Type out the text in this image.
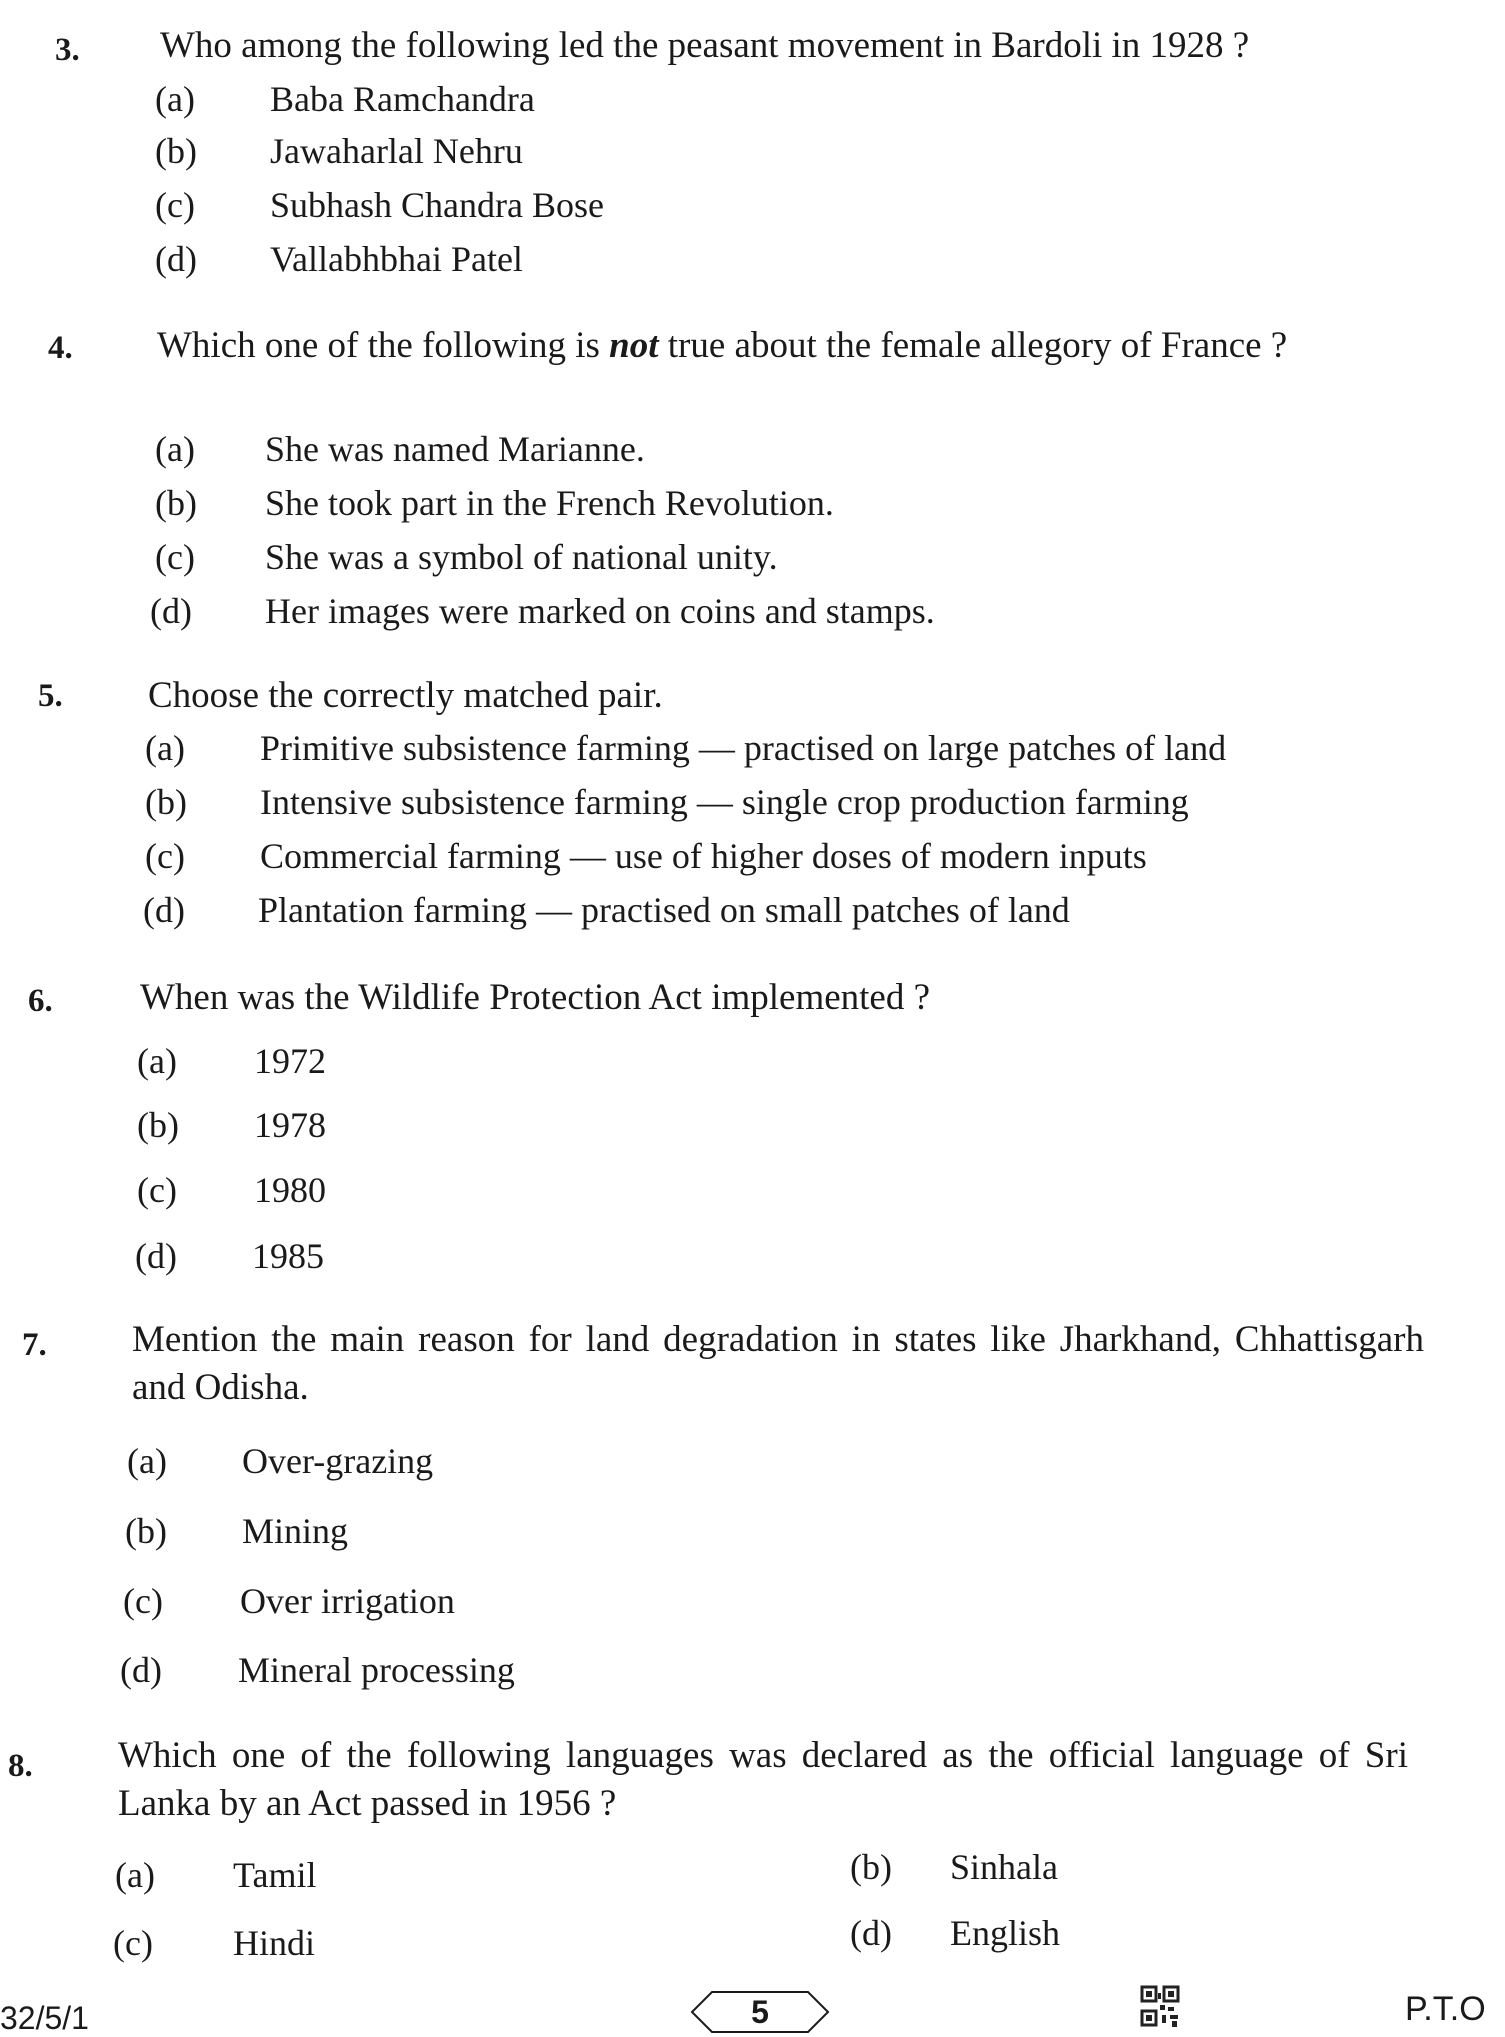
3. Who among the following led the peasant movement in Bardoli in 1928 ?
(a) Baba Ramchandra
(b) Jawaharlal Nehru
(c) Subhash Chandra Bose
(d) Vallabhbhai Patel
4. Which one of the following is not true about the female allegory of France ?
(a) She was named Marianne.
(b) She took part in the French Revolution.
(c) She was a symbol of national unity.
(d) Her images were marked on coins and stamps.
5. Choose the correctly matched pair.
(a) Primitive subsistence farming — practised on large patches of land
(b) Intensive subsistence farming — single crop production farming
(c) Commercial farming — use of higher doses of modern inputs
(d) Plantation farming — practised on small patches of land
6. When was the Wildlife Protection Act implemented ?
(a) 1972
(b) 1978
(c) 1980
(d) 1985
7. Mention the main reason for land degradation in states like Jharkhand, Chhattisgarh and Odisha.
(a) Over-grazing
(b) Mining
(c) Over irrigation
(d) Mineral processing
8. Which one of the following languages was declared as the official language of Sri Lanka by an Act passed in 1956 ?
(a) Tamil	(b) Sinhala
(c) Hindi	(d) English
32/5/1	5	P.T.O
